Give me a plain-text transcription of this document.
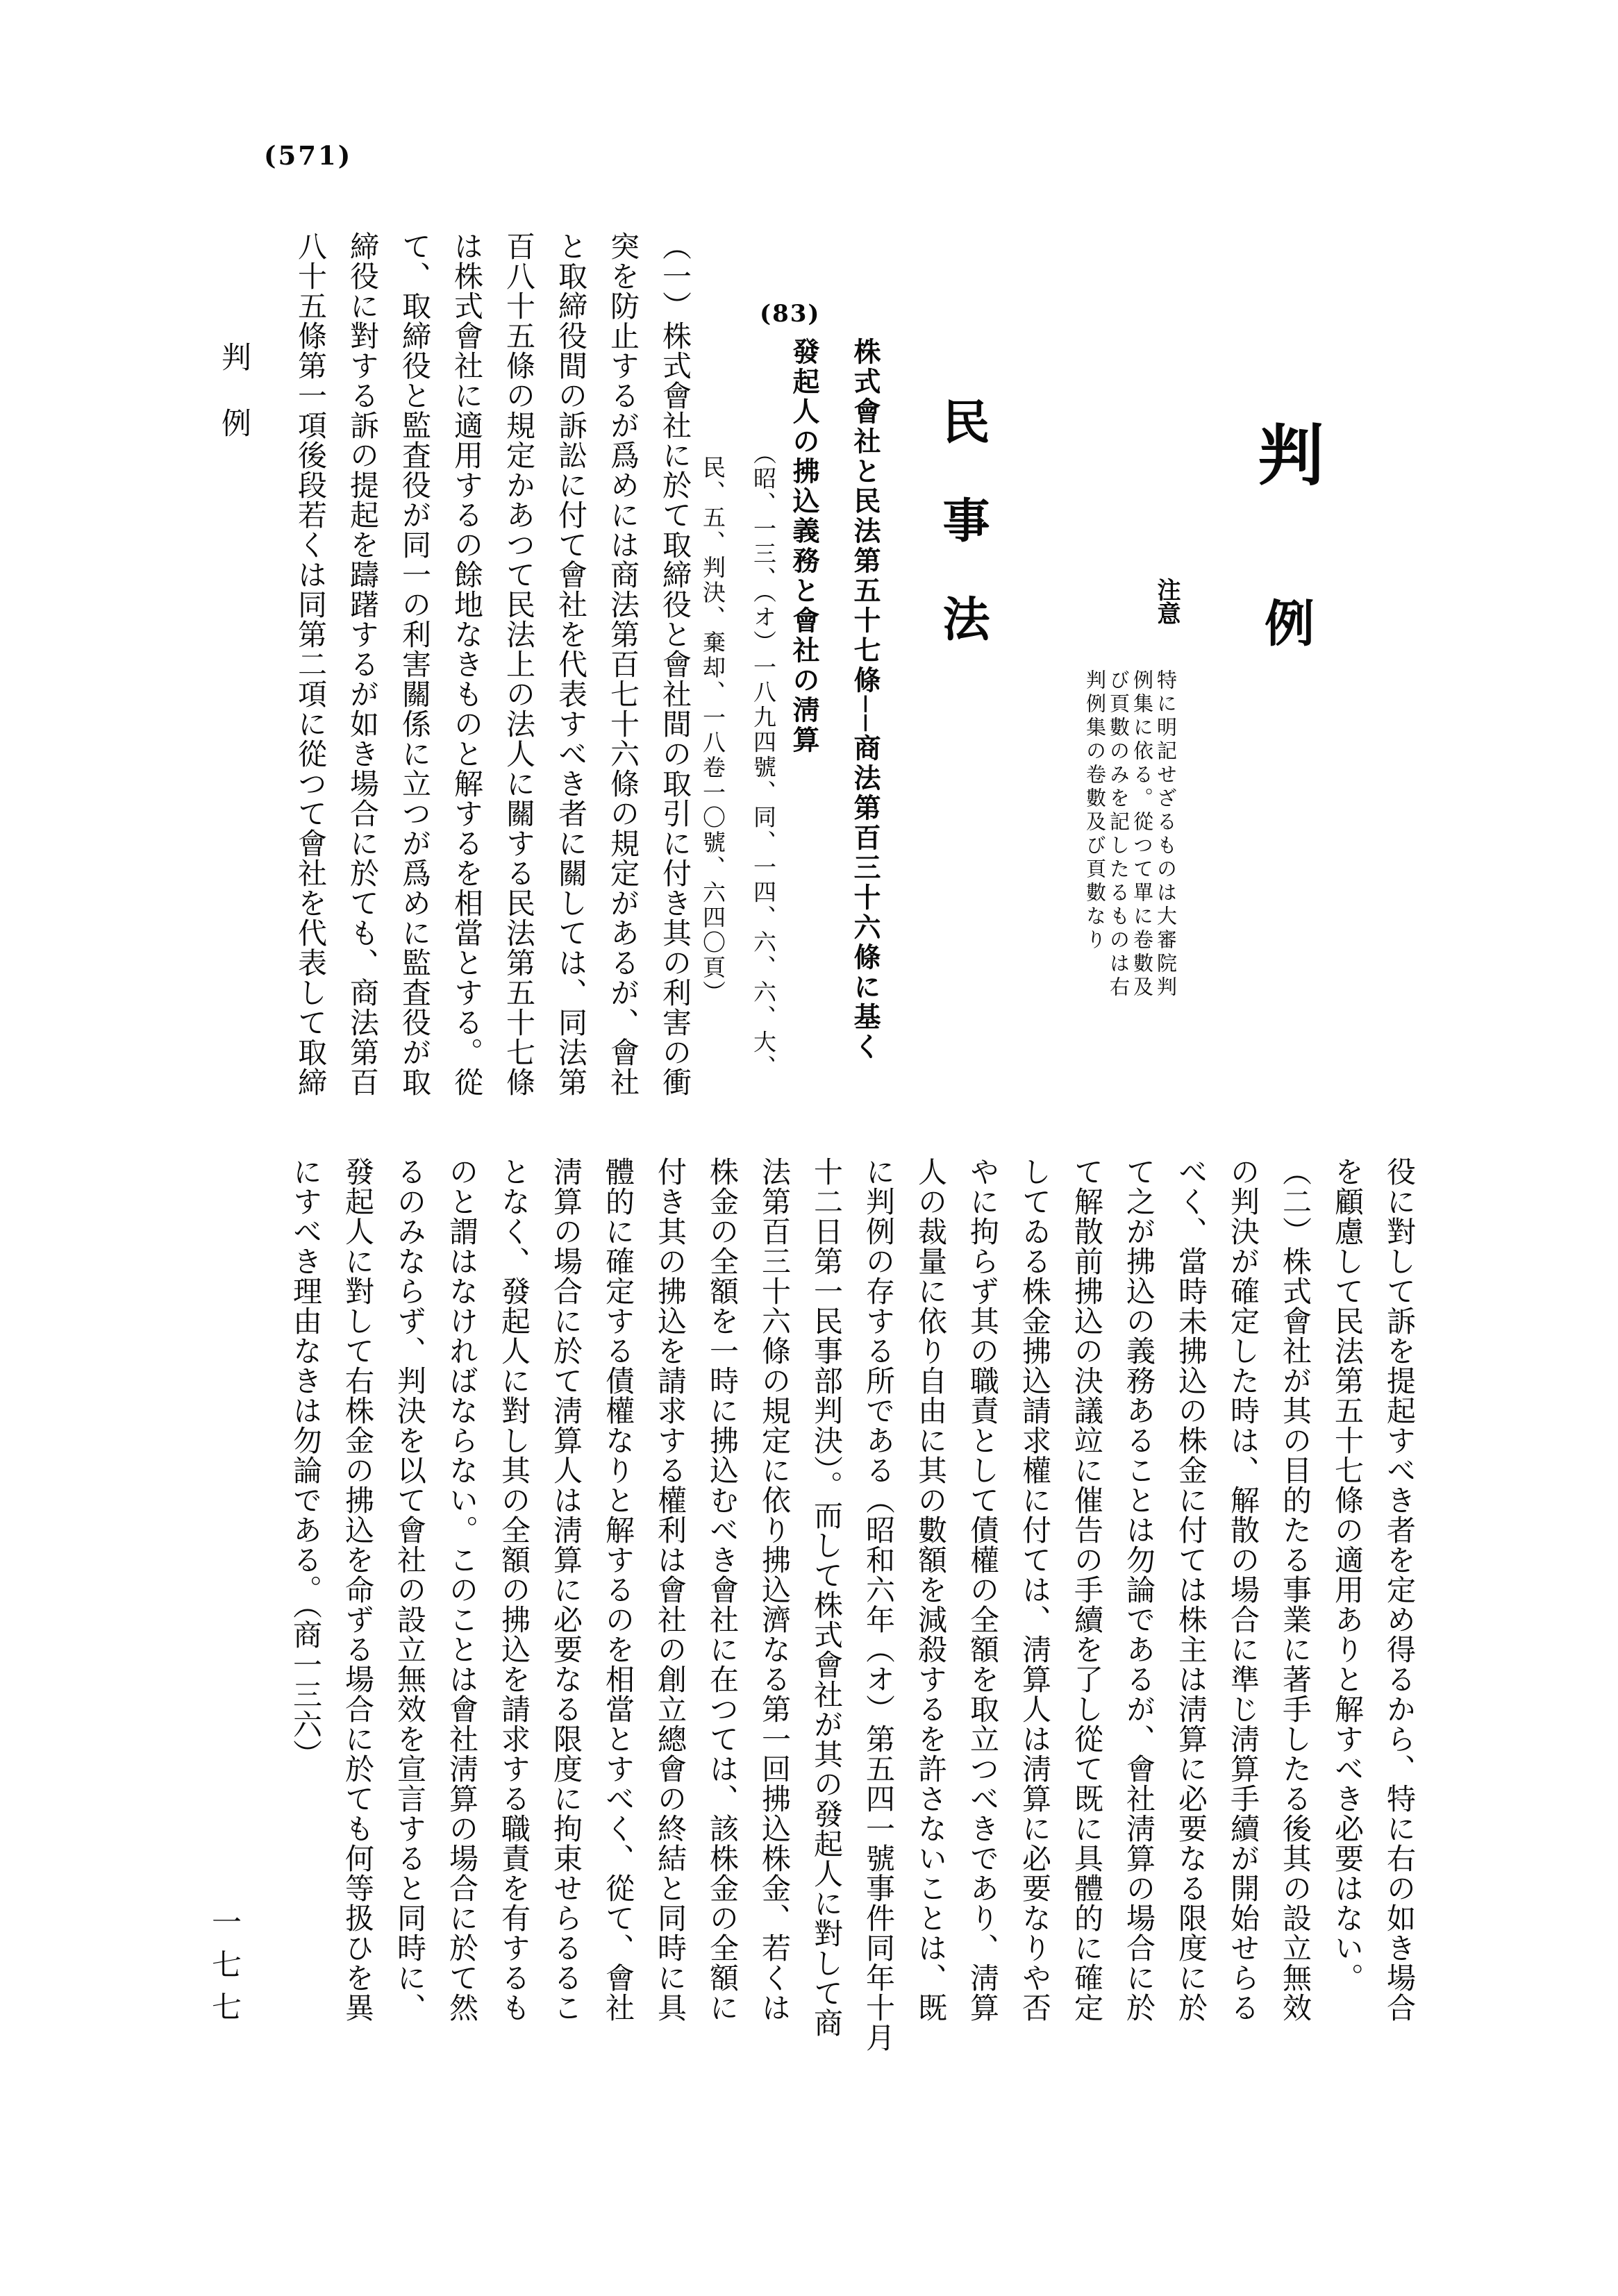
(571)
判例
一七七
判
例
注意
特に明記せざるものは大審院判例集に依る。從つて單に卷數及び頁數のみを記したるものは右判例集の卷數及び頁數なり
民事法
(83)
株式會社と民法第五十七條──商法第百三十六條に基く
發起人の拂込義務と會社の淸算
（昭、一三、（オ）一八九四號、同、一四、六、六、大、
民、五、判決、棄却、一八卷一〇號、六四〇頁）
（一）株式會社に於て取締役と會社間の取引に付き其の利害の衝
突を防止するが爲めには商法第百七十六條の規定があるが、會社
と取締役間の訴訟に付て會社を代表すべき者に關しては、同法第
百八十五條の規定かあつて民法上の法人に關する民法第五十七條
は株式會社に適用するの餘地なきものと解するを相當とする。從
て、取締役と監査役が同一の利害關係に立つが爲めに監査役が取
締役に對する訴の提起を躊躇するが如き場合に於ても、商法第百
八十五條第一項後段若くは同第二項に從つて會社を代表して取締
役に對して訴を提起すべき者を定め得るから、特に右の如き場合
を顧慮して民法第五十七條の適用ありと解すべき必要はない。
（二）株式會社が其の目的たる事業に著手したる後其の設立無效
の判決が確定した時は、解散の場合に準じ淸算手續が開始せらる
べく、當時未拂込の株金に付ては株主は淸算に必要なる限度に於
て之が拂込の義務あることは勿論であるが、會社淸算の場合に於
て解散前拂込の決議竝に催告の手續を了し從て既に具體的に確定
してゐる株金拂込請求權に付ては、淸算人は淸算に必要なりや否
やに拘らず其の職責として債權の全額を取立つべきであり、淸算
人の裁量に依り自由に其の數額を減殺するを許さないことは、既
に判例の存する所である（昭和六年（オ）第五四一號事件同年十月
十二日第一民事部判決）。而して株式會社が其の發起人に對して商
法第百三十六條の規定に依り拂込濟なる第一回拂込株金、若くは
株金の全額を一時に拂込むべき會社に在つては、該株金の全額に
付き其の拂込を請求する權利は會社の創立總會の終結と同時に具
體的に確定する債權なりと解するのを相當とすべく、從て、會社
淸算の場合に於て淸算人は淸算に必要なる限度に拘束せらるるこ
となく、發起人に對し其の全額の拂込を請求する職責を有するも
のと謂はなければならない。このことは會社淸算の場合に於て然
るのみならず、判決を以て會社の設立無效を宣言すると同時に、
發起人に對して右株金の拂込を命ずる場合に於ても何等扱ひを異
にすべき理由なきは勿論である。（商一三六）
